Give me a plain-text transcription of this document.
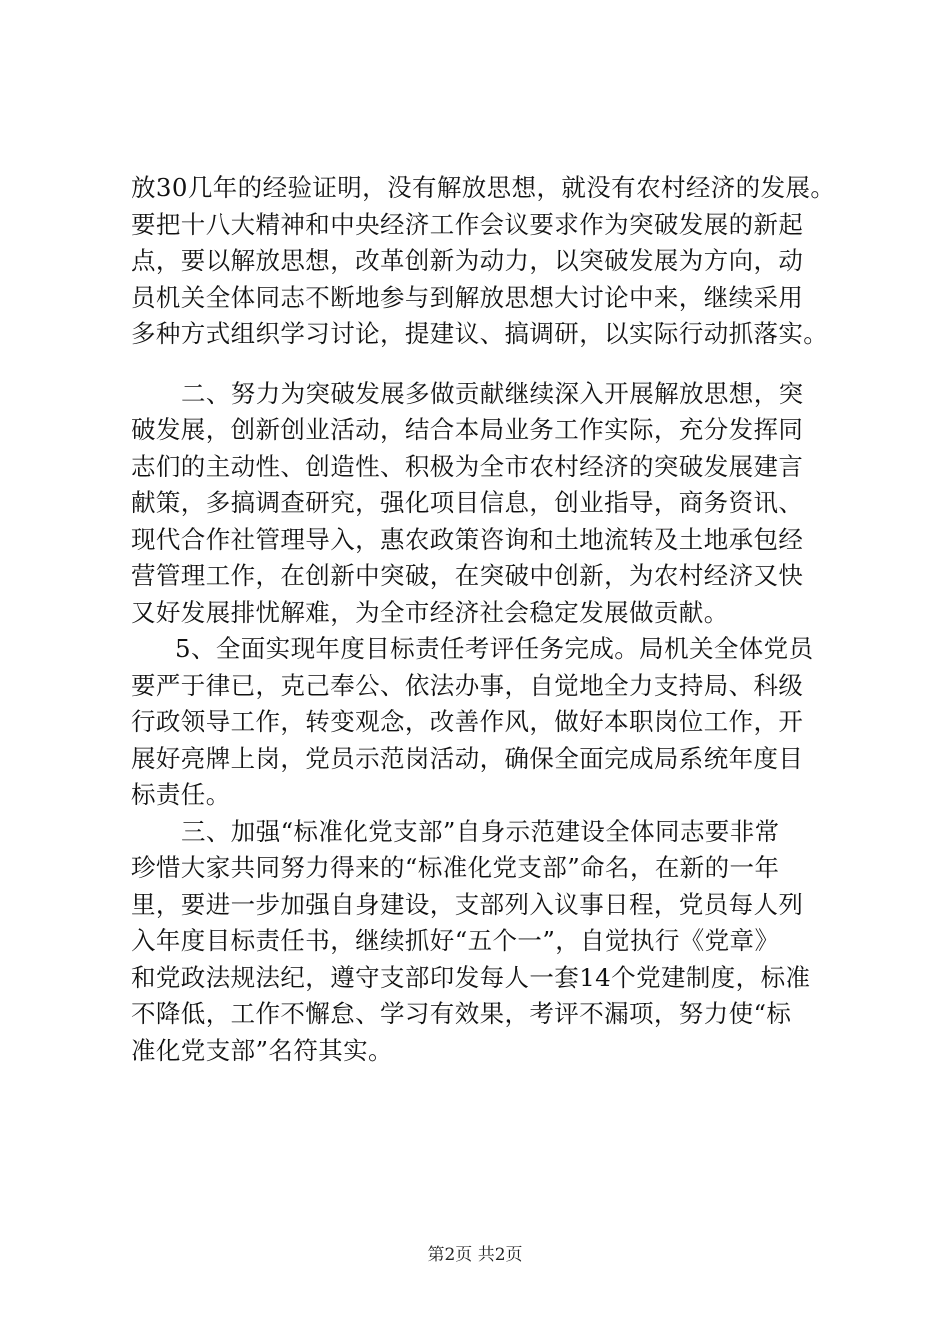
放30几年的经验证明，没有解放思想，就没有农村经济的发展。
要把十八大精神和中央经济工作会议要求作为突破发展的新起
点，要以解放思想，改革创新为动力，以突破发展为方向，动
员机关全体同志不断地参与到解放思想大讨论中来，继续采用
多种方式组织学习讨论，提建议、搞调研，以实际行动抓落实。
二、努力为突破发展多做贡献继续深入开展解放思想，突
破发展，创新创业活动，结合本局业务工作实际，充分发挥同
志们的主动性、创造性、积极为全市农村经济的突破发展建言
献策，多搞调查研究，强化项目信息，创业指导，商务资讯、
现代合作社管理导入，惠农政策咨询和土地流转及土地承包经
营管理工作，在创新中突破，在突破中创新，为农村经济又快
又好发展排忧解难，为全市经济社会稳定发展做贡献。
5、全面实现年度目标责任考评任务完成。局机关全体党员
要严于律已，克己奉公、依法办事，自觉地全力支持局、科级
行政领导工作，转变观念，改善作风，做好本职岗位工作，开
展好亮牌上岗，党员示范岗活动，确保全面完成局系统年度目
标责任。
三、加强“标准化党支部”自身示范建设全体同志要非常
珍惜大家共同努力得来的“标准化党支部”命名，在新的一年
里，要进一步加强自身建设，支部列入议事日程，党员每人列
入年度目标责任书，继续抓好“五个一”，自觉执行《党章》
和党政法规法纪，遵守支部印发每人一套14个党建制度，标准
不降低，工作不懈怠、学习有效果，考评不漏项，努力使“标
准化党支部”名符其实。
第2页 共2页
